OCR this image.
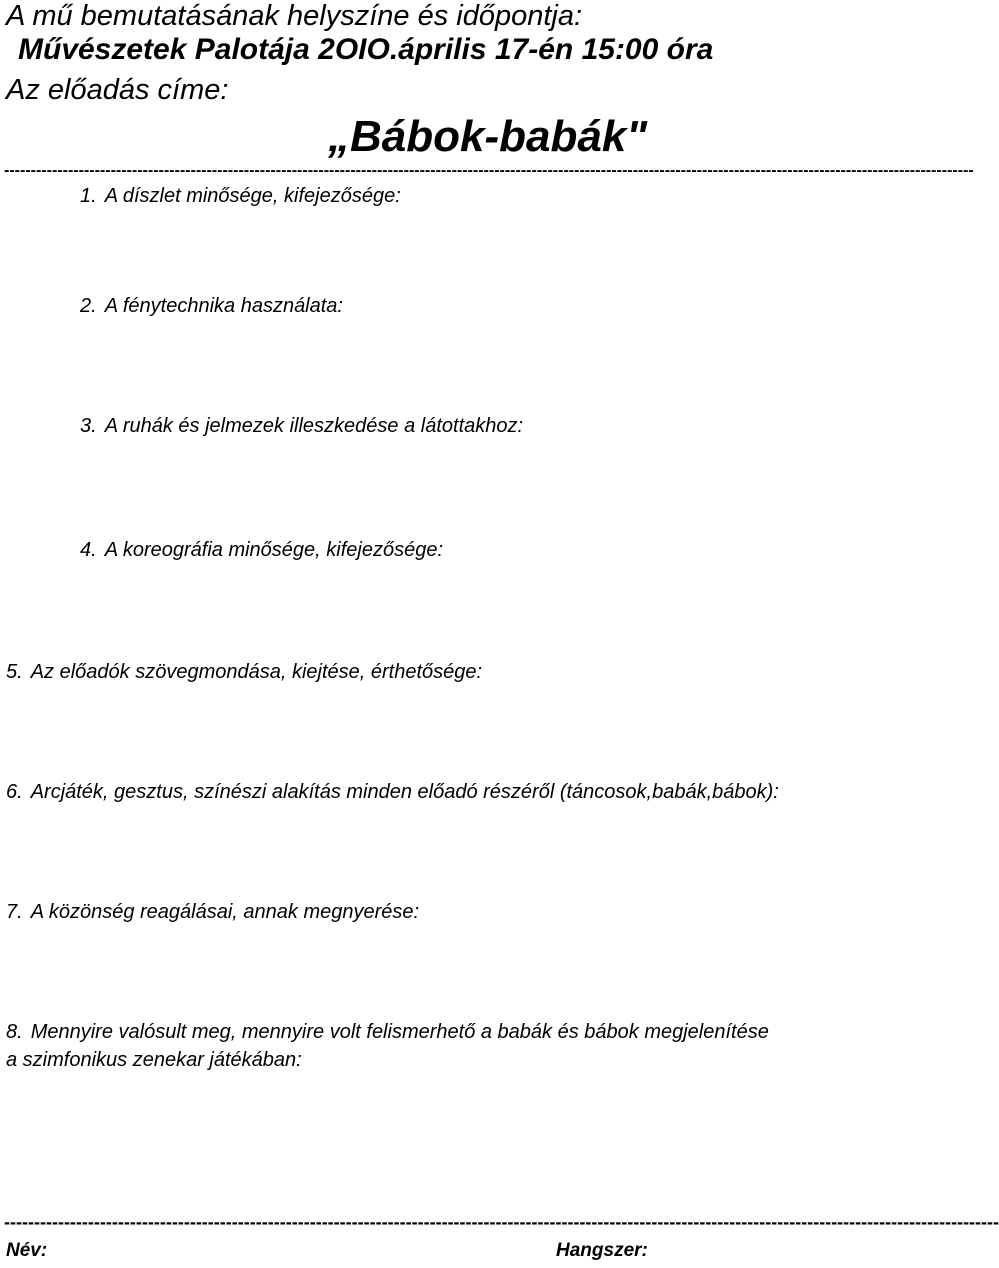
A mű bemutatásának helyszíne és időpontja:
Művészetek Palotája 2OIO.április 17-én 15:00 óra
Az előadás címe:
„Bábok-babák"
--------------------------------------------------------------------------------------------------------------------------------------------------------------------------------------
1. A díszlet minősége, kifejezősége:
2. A fénytechnika használata:
3. A ruhák és jelmezek illeszkedése a látottakhoz:
4. A koreográfia minősége, kifejezősége:
5. Az előadók szövegmondása, kiejtése, érthetősége:
6. Arcjáték, gesztus, színészi alakítás minden előadó részéről (táncosok,babák,bábok):
7. A közönség reagálásai, annak megnyerése:
8. Mennyire valósult meg, mennyire volt felismerhető a babák és bábok megjelenítése
a szimfonikus zenekar játékában:
----------------------------------------------------------------------------------------------------------------------------------------------------------------------
Név:	Hangszer:
